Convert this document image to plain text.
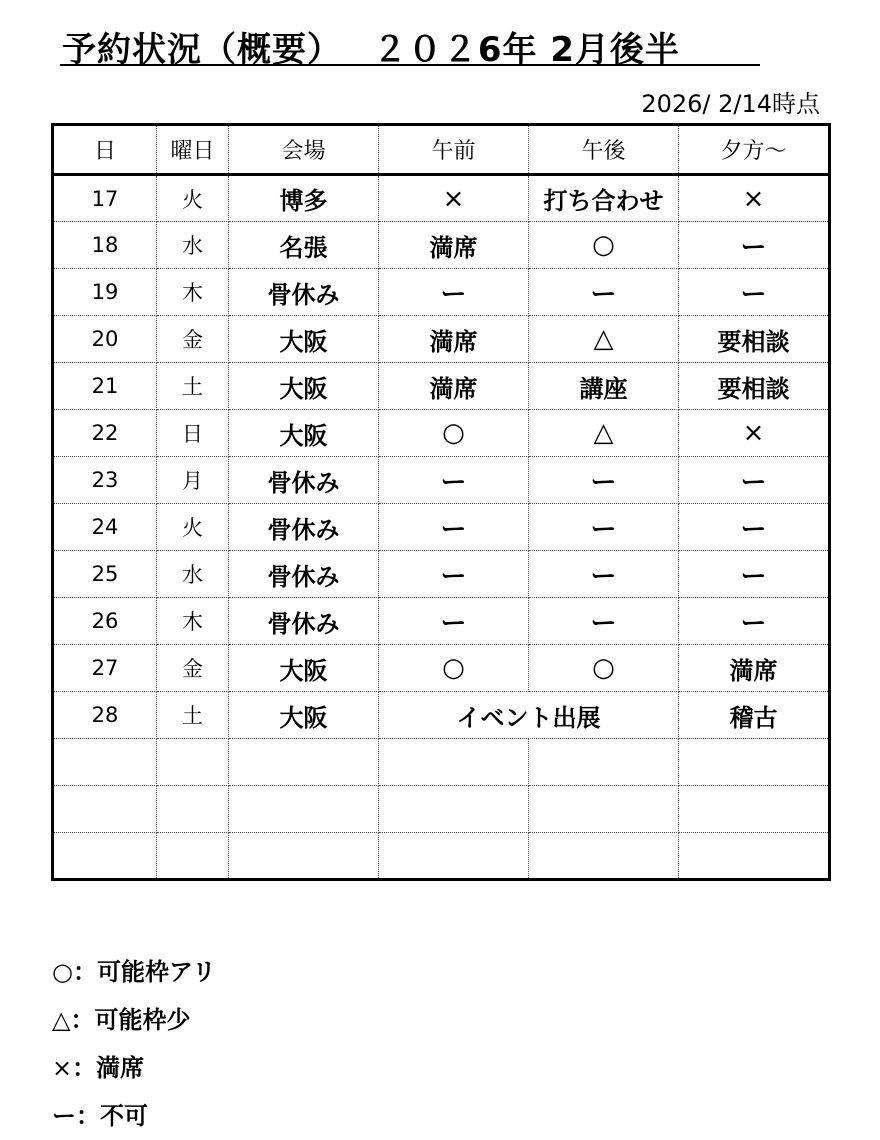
予約状況（概要）　 ２０２6年 2月後半
2026/ 2/14時点
日	曜日	会場	午前	午後	夕方～
17	火	博多	×	打ち合わせ	×
18	水	名張	満席	○	ー
19	木	骨休み	ー	ー	ー
20	金	大阪	満席	△	要相談
21	土	大阪	満席	講座	要相談
22	日	大阪	○	△	×
23	月	骨休み	ー	ー	ー
24	火	骨休み	ー	ー	ー
25	水	骨休み	ー	ー	ー
26	木	骨休み	ー	ー	ー
27	金	大阪	○	○	満席
28	土	大阪	イベント出展		稽古

○：可能枠アリ
△：可能枠少
×：満席
ー：不可
